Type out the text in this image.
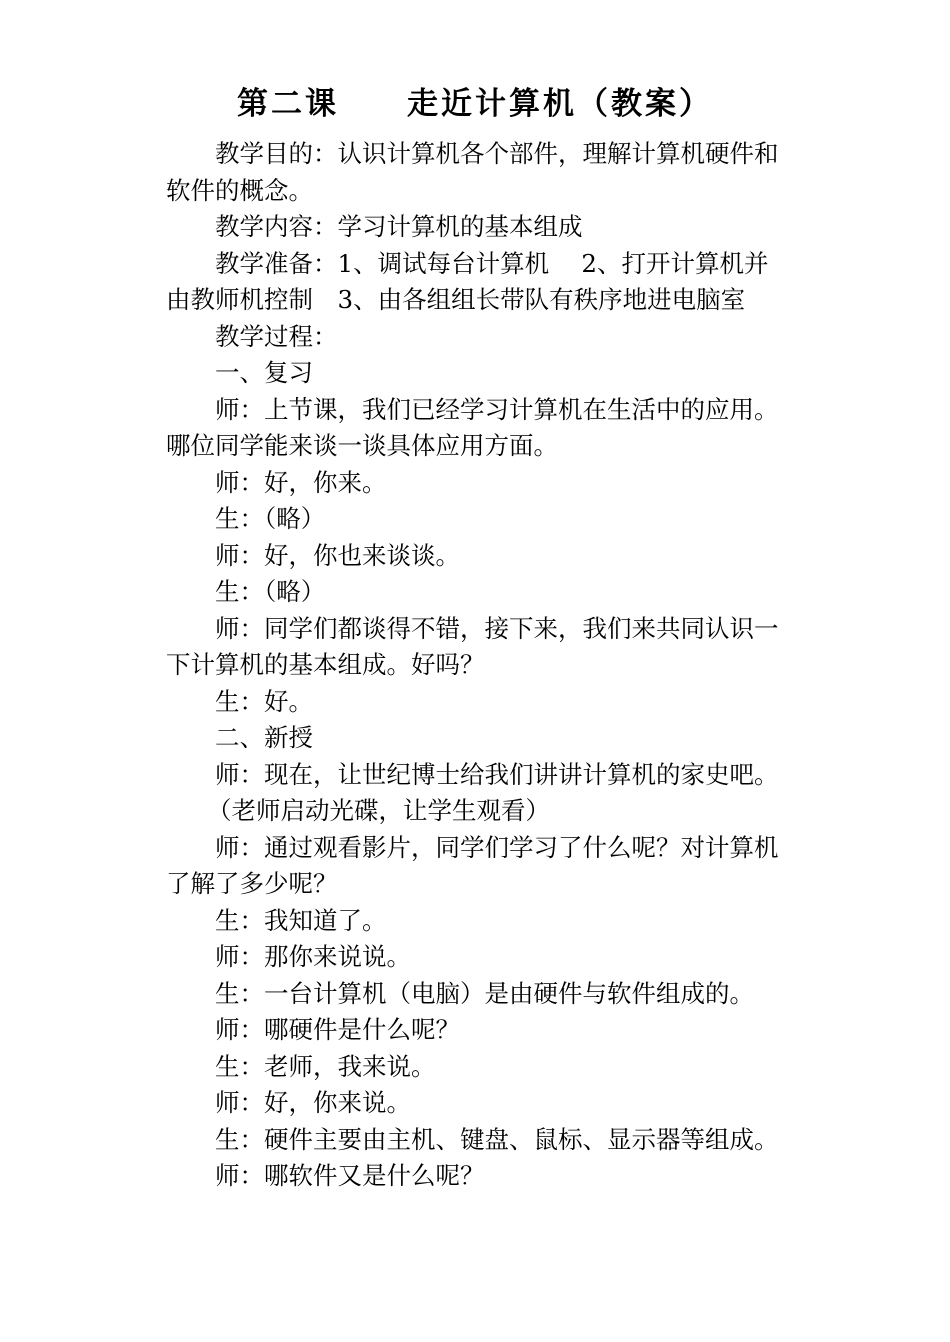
第二课　　走近计算机（教案）

教学目的：认识计算机各个部件，理解计算机硬件和软件的概念。

教学内容：学习计算机的基本组成

教学准备：1、调试每台计算机　 2、打开计算机并由教师机控制　3、由各组组长带队有秩序地进电脑室

教学过程：

一、复习

师：上节课，我们已经学习计算机在生活中的应用。哪位同学能来谈一谈具体应用方面。

师：好，你来。

生：（略）

师：好，你也来谈谈。

生：（略）

师：同学们都谈得不错，接下来，我们来共同认识一下计算机的基本组成。好吗？

生：好。

二、新授

师：现在，让世纪博士给我们讲讲计算机的家史吧。

（老师启动光碟，让学生观看）

师：通过观看影片，同学们学习了什么呢？对计算机了解了多少呢？

生：我知道了。

师：那你来说说。

生：一台计算机（电脑）是由硬件与软件组成的。

师：哪硬件是什么呢？

生：老师，我来说。

师：好，你来说。

生：硬件主要由主机、键盘、鼠标、显示器等组成。

师：哪软件又是什么呢？
